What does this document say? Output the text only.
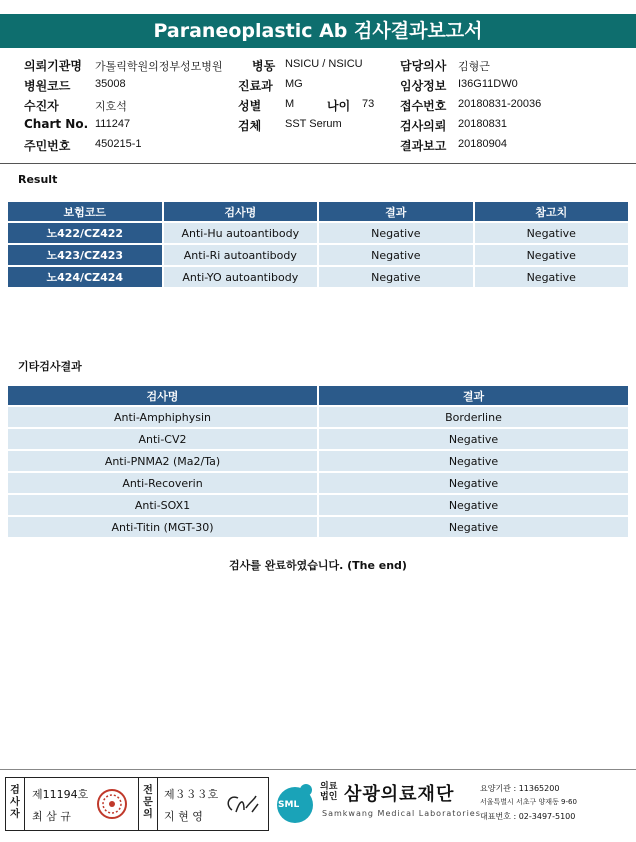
Paraneoplastic Ab 검사결과보고서
의뢰기관명 가톨릭학원의정부성모병원 병동 NSICU / NSICU	담당의사 김형근
병원코드 35008	진료과 MG	임상정보 I36G11DW0
수진자	지호석	성별 M	나이 73 접수번호 20180831-20036
Chart No. 111247	검체 SST Serum	검사의뢰 20180831
주민번호 450215-1	결과보고 20180904
Result
보험코드	검사명	결과	참고치
노422/CZ422	Anti-Hu autoantibody	Negative	Negative
노423/CZ423	Anti-Ri autoantibody	Negative	Negative
노424/CZ424	Anti-YO autoantibody	Negative	Negative
기타검사결과
검사명	결과
Anti-Amphiphysin	Borderline
Anti-CV2	Negative
Anti-PNMA2 (Ma2/Ta)	Negative
Anti-Recoverin	Negative
Anti-SOX1	Negative
Anti-Titin (MGT-30)	Negative
검사를 완료하였습니다. (The end)
검
사
자
제11194호
최 삼 규
전
문
의
제３３３호
지 현 영
SML
의료법인 삼광의료재단
Samkwang Medical Laboratories
요양기관 : 11365200
서울특별시 서초구 양재동 9-60
대표번호 : 02-3497-5100
